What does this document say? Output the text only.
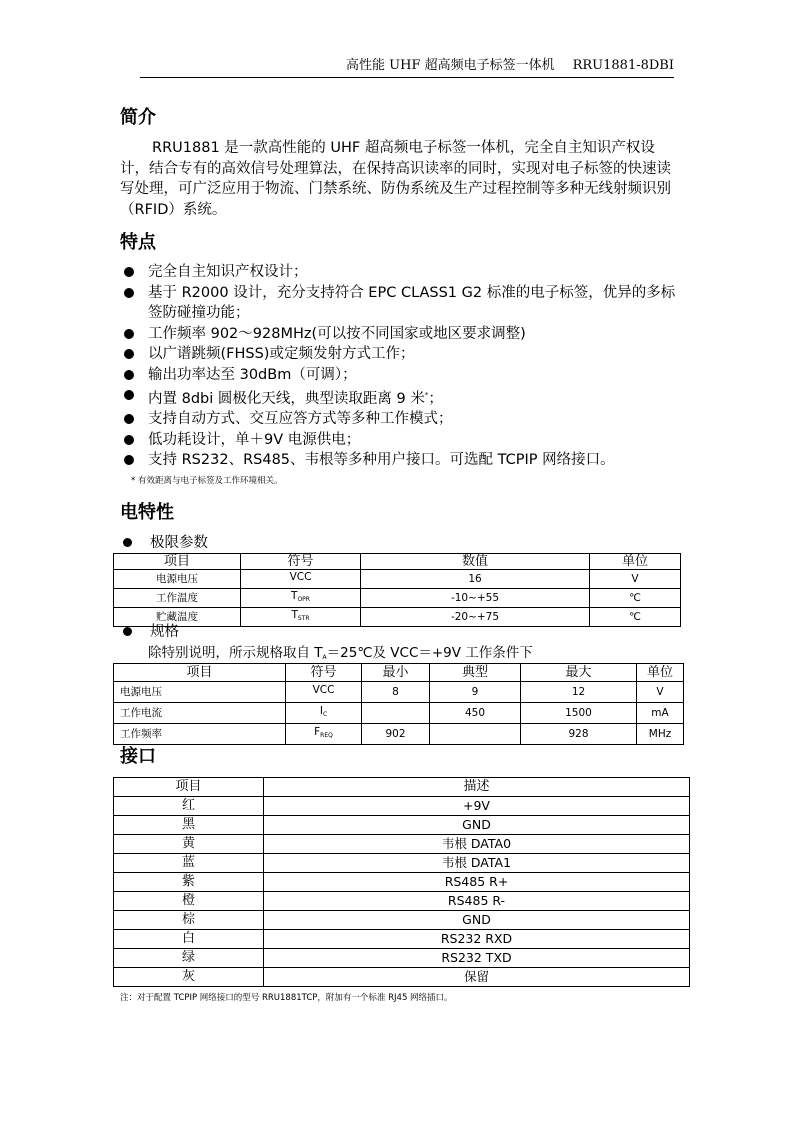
高性能 UHF 超高频电子标签一体机 RRU1881-8DBI
简介
RRU1881 是一款高性能的 UHF 超高频电子标签一体机，完全自主知识产权设计，结合专有的高效信号处理算法，在保持高识读率的同时，实现对电子标签的快速读写处理，可广泛应用于物流、门禁系统、防伪系统及生产过程控制等多种无线射频识别（RFID）系统。
特点
完全自主知识产权设计；
基于 R2000 设计，充分支持符合 EPC CLASS1 G2 标准的电子标签，优异的多标签防碰撞功能；
工作频率 902～928MHz(可以按不同国家或地区要求调整)
以广谱跳频(FHSS)或定频发射方式工作；
输出功率达至 30dBm（可调）；
内置 8dbi 圆极化天线，典型读取距离 9 米*；
支持自动方式、交互应答方式等多种工作模式；
低功耗设计，单＋9V 电源供电；
支持 RS232、RS485、韦根等多种用户接口。可选配 TCPIP 网络接口。
* 有效距离与电子标签及工作环境相关。
电特性
极限参数
项目	符号	数值	单位
电源电压	VCC	16	V
工作温度	$T_{OPR}$	-10~+55	℃
贮藏温度	$T_{STR}$	-20~+75	℃
规格
除特别说明，所示规格取自 $T_A=25℃$及 VCC＝+9V 工作条件下
项目	符号	最小	典型	最大	单位
电源电压	VCC	8	9	12	V
工作电流	$I_C$		450	1500	mA
工作频率	$F_{REQ}$	902		928	MHz
接口
项目	描述
红	+9V
黑	GND
黄	韦根 DATA0
蓝	韦根 DATA1
紫	RS485 R+
橙	RS485 R-
棕	GND
白	RS232 RXD
绿	RS232 TXD
灰	保留
注：对于配置 TCPIP 网络接口的型号 RRU1881TCP，附加有一个标准 RJ45 网络插口。
